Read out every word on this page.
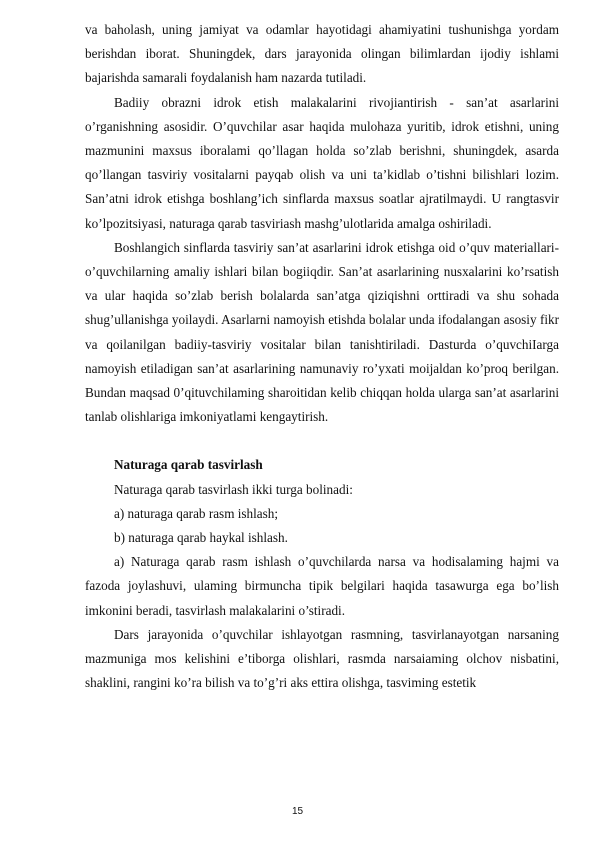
va baholash, uning jamiyat va odamlar hayotidagi ahamiyatini tushunishga yordam berishdan iborat. Shuningdek, dars jarayonida olingan bilimlardan ijodiy ishlami bajarishda samarali foydalanish ham nazarda tutiladi.

Badiiy obrazni idrok etish malakalarini rivojiantirish - san’at asarlarini o’rganishning asosidir. O’quvchilar asar haqida mulohaza yuritib, idrok etishni, uning mazmunini maxsus iboralami qo’llagan holda so’zlab berishni, shuningdek, asarda qo’llangan tasviriy vositalarni payqab olish va uni ta’kidlab o’tishni bilishlari lozim. San’atni idrok etishga boshlang’ich sinflarda maxsus soatlar ajratilmaydi. U rangtasvir ko’lpozitsiyasi, naturaga qarab tasviriash mashg’ulotlarida amalga oshiriladi.

Boshlangich sinflarda tasviriy san’at asarlarini idrok etishga oid o’quv materiallari-o’quvchilarning amaliy ishlari bilan bogiiqdir. San’at asarlarining nusxalarini ko’rsatish va ular haqida so’zlab berish bolalarda san’atga qiziqishni orttiradi va shu sohada shug’ullanishga yoilaydi. Asarlarni namoyish etishda bolalar unda ifodalangan asosiy fikr va qoilanilgan badiiy-tasviriy vositalar bilan tanishtiriladi. Dasturda o’quvchiIarga namoyish etiladigan san’at asarlarining namunaviy ro’yxati moijaldan ko’proq berilgan. Bundan maqsad 0’qituvchilaming sharoitidan kelib chiqqan holda ularga san’at asarlarini tanlab olishlariga imkoniyatlami kengaytirish.

Naturaga qarab tasvirlash

Naturaga qarab tasvirlash ikki turga bolinadi:

a) naturaga qarab rasm ishlash;

b) naturaga qarab haykal ishlash.

a) Naturaga qarab rasm ishlash o’quvchilarda narsa va hodisalaming hajmi va fazoda joylashuvi, ulaming birmuncha tipik belgilari haqida tasawurga ega bo’lish imkonini beradi, tasvirlash malakalarini o’stiradi.

Dars jarayonida o’quvchilar ishlayotgan rasmning, tasvirlanayotgan narsaning mazmuniga mos kelishini e’tiborga olishlari, rasmda narsaiaming olchov nisbatini, shaklini, rangini ko’ra bilish va to’g’ri aks ettira olishga, tasviming estetik

15
